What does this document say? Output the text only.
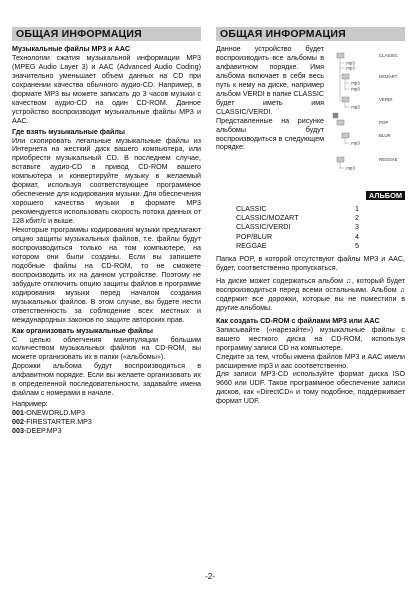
ОБЩАЯ ИНФОРМАЦИЯ

Музыкальные файлы MP3 и AAC

Технологии сжатия музыкальной информации MP3 (MPEG Audio Layer 3) и AAC (Advanced Audio Coding) значительно уменьшает объем данных на CD при сохранении качества обычного аудио-CD. Например, в формате MP3 вы можете записать до 3 часов музыки с качеством аудио-CD на один CD-ROM. Данное устройство воспроизводит музыкальные файлы MP3 и AAC.

Где взять музыкальные файлы

Или скопировать легальные музыкальные файлы из Интернета на жесткий диск вашего компьютера, или приобрести музыкальный CD. В последнем случае, вставьте аудио-CD в привод CD-ROM вашего компьютера и конвертируйте музыку в желаемый формат, используя соответствующее программное обеспечение для кодирования музыки. Для обеспечения хорошего качества музыки в формате MP3 рекомендуется использовать скорость потока данных от 128 кбит/с и выше.

Некоторые программы кодирования музыки предлагают опцию защиты музыкальных файлов, т.е. файлы будут воспроизводиться только на том компьютере, на котором они были созданы. Если вы запишете подобные файлы на CD-ROM, то не сможете воспроизводить их на данном устройстве. Поэтому не забудьте отключить опцию защиты файлов в программе кодирования музыки перед началом создания музыкальных файлов. В этом случае, вы будете нести ответственность за соблюдение всех местных и международных законов по защите авторских прав.

Как организовать музыкальные файлы

С целью облегчения манипуляции большим количеством музыкальных файлов на CD-ROM, вы можете организовать их в папки («альбомы»).

Дорожки альбома будут воспроизводиться в алфавитном порядке. Если вы желаете организовать их в определенной последовательности, задавайте имена файлам с номерами в начале.

Например:

001-ONEWORLD.MP3
002-FIRESTARTER.MP3
003-DEEP.MP3
ОБЩАЯ ИНФОРМАЦИЯ

Данное устройство будет воспроизводить все альбомы в алфавитном порядке. Имя альбома включает в себя весь путь к нему на диске, например альбом VERDI в папке CLASSIC будет иметь имя CLASSIC/VERDI. Представленные на рисунке альбомы будут воспроизводиться в следующем порядке:

CLASSIC
.mp3
.mp3
MOZART
.mp3
.mp3
VERDI
.mp3
POP
BLUR
.mp3
REGGAE
.mp3
АЛЬБОМ
CLASSIC	1
CLASSIC/MOZART	2
CLASSIC/VERDI	3
POP/BLUR	4
REGGAE	5

Папка POP, в которой отсутствуют файлы MP3 и AAC, будет, соответственно пропускаться.

На диске может содержаться альбом ♫, который будет воспроизводиться перед всеми остальными. Альбом ♫ содержит все дорожки, которые вы не поместили в другие альбомы.

Как создать CD-ROM с файлами MP3 или AAC

Записывайте («нарезайте») музыкальные файлы с вашего жесткого диска на CD-ROM, используя программу записи CD на компьютере.

Следите за тем, чтобы имена файлов MP3 и AAC имели расширение mp3 и aac соответственно.

Для записи MP3-CD используйте формат диска ISO 9660 или UDF. Такое программное обеспечение записи дисков, как «DirectCD» и тому подобное, поддерживает формат UDF.

-2-
